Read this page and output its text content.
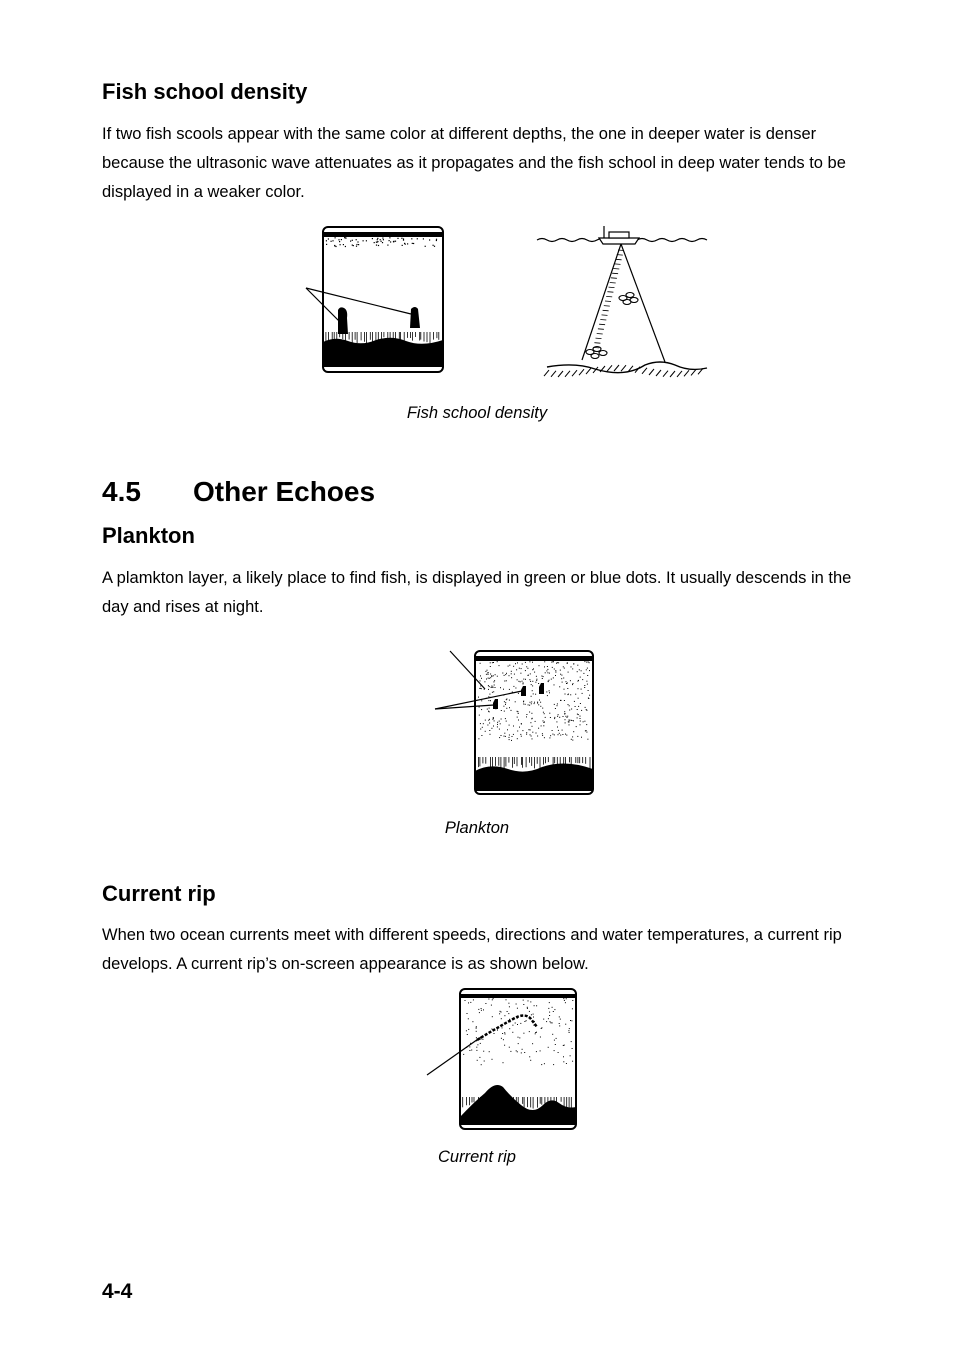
Fish school density

If two fish scools appear with the same color at different depths, the one in deeper water is denser because the ultrasonic wave attenuates as it propagates and the fish school in deep water tends to be displayed in a weaker color.

Fish school density
4.5 Other Echoes
Plankton

A plamkton layer, a likely place to find fish, is displayed in green or blue dots. It usually descends in the day and rises at night.

Plankton
Current rip

When two ocean currents meet with different speeds, directions and water temperatures, a current rip develops. A current rip’s on-screen appearance is as shown below.

Current rip
4-4
